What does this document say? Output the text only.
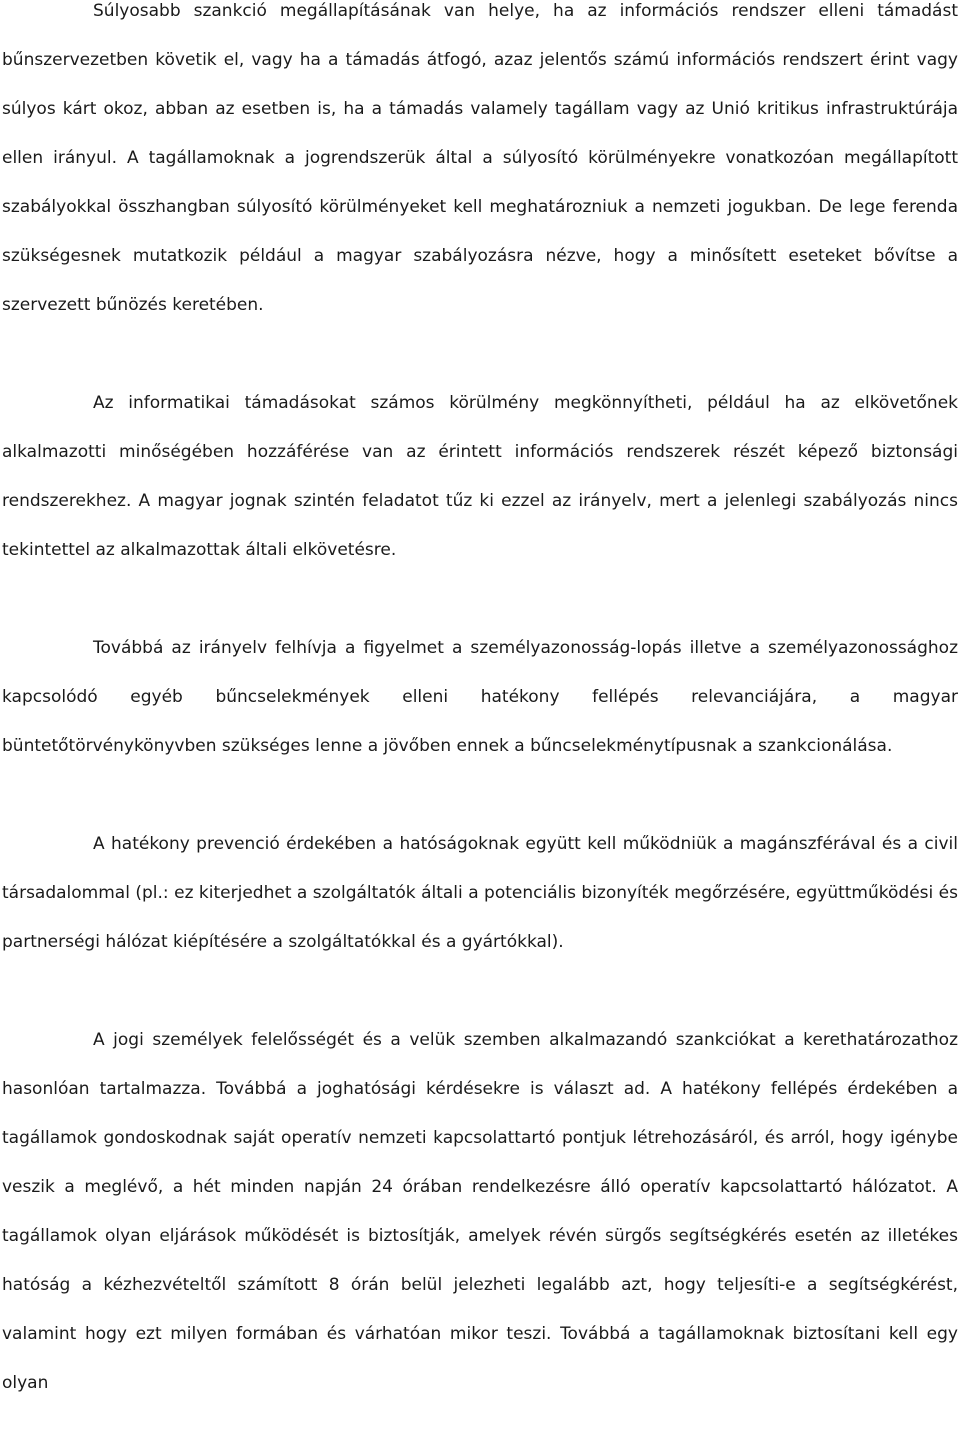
Súlyosabb szankció megállapításának van helye, ha az információs rendszer elleni támadást bűnszervezetben követik el, vagy ha a támadás átfogó, azaz jelentős számú információs rendszert érint vagy súlyos kárt okoz, abban az esetben is, ha a támadás valamely tagállam vagy az Unió kritikus infrastruktúrája ellen irányul. A tagállamoknak a jogrendszerük által a súlyosító körülményekre vonatkozóan megállapított szabályokkal összhangban súlyosító körülményeket kell meghatározniuk a nemzeti jogukban. De lege ferenda szükségesnek mutatkozik például a magyar szabályozásra nézve, hogy a minősített eseteket bővítse a szervezett bűnözés keretében.

Az informatikai támadásokat számos körülmény megkönnyítheti, például ha az elkövetőnek alkalmazotti minőségében hozzáférése van az érintett információs rendszerek részét képező biztonsági rendszerekhez. A magyar jognak szintén feladatot tűz ki ezzel az irányelv, mert a jelenlegi szabályozás nincs tekintettel az alkalmazottak általi elkövetésre.

Továbbá az irányelv felhívja a figyelmet a személyazonosság-lopás illetve a személyazonossághoz kapcsolódó egyéb bűncselekmények elleni hatékony fellépés relevanciájára, a magyar büntetőtörvénykönyvben szükséges lenne a jövőben ennek a bűncselekménytípusnak a szankcionálása.

A hatékony prevenció érdekében a hatóságoknak együtt kell működniük a magánszférával és a civil társadalommal (pl.: ez kiterjedhet a szolgáltatók általi a potenciális bizonyíték megőrzésére, együttműködési és partnerségi hálózat kiépítésére a szolgáltatókkal és a gyártókkal).

A jogi személyek felelősségét és a velük szemben alkalmazandó szankciókat a kerethatározathoz hasonlóan tartalmazza. Továbbá a joghatósági kérdésekre is választ ad. A hatékony fellépés érdekében a tagállamok gondoskodnak saját operatív nemzeti kapcsolattartó pontjuk létrehozásáról, és arról, hogy igénybe veszik a meglévő, a hét minden napján 24 órában rendelkezésre álló operatív kapcsolattartó hálózatot. A tagállamok olyan eljárások működését is biztosítják, amelyek révén sürgős segítségkérés esetén az illetékes hatóság a kézhezvételtől számított 8 órán belül jelezheti legalább azt, hogy teljesíti-e a segítségkérést, valamint hogy ezt milyen formában és várhatóan mikor teszi. Továbbá a tagállamoknak biztosítani kell egy olyan
